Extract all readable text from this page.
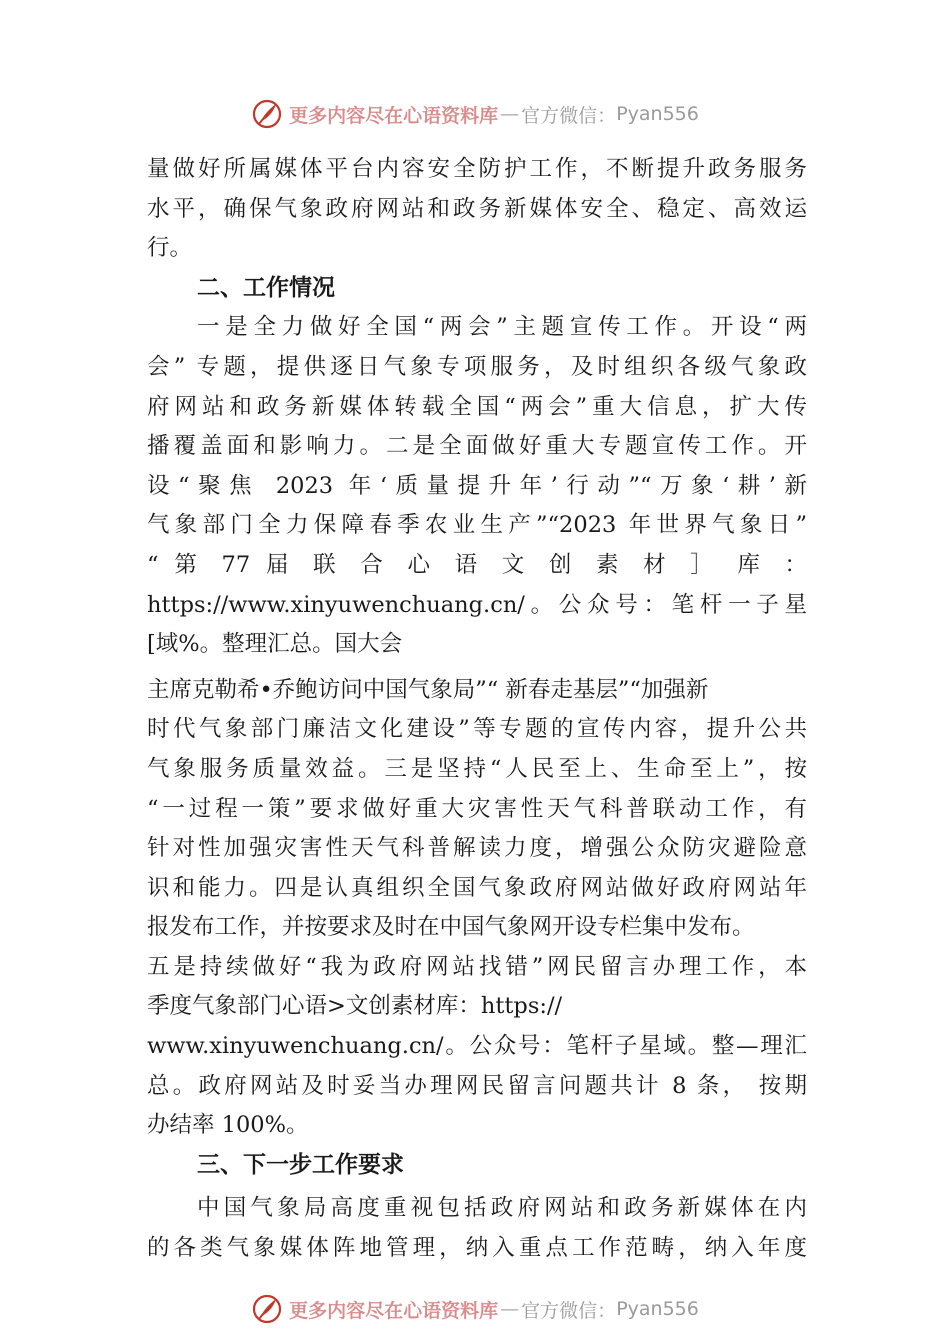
更多内容尽在心语资料库 — 官方微信： Pyan556
量做好所属媒体平台内容安全防护工作，不断提升政务服务
水平，确保气象政府网站和政务新媒体安全、稳定、高效运
行。
二、工作情况
一是全力做好全国“两会”主题宣传工作。开设“两
会” 专题，提供逐日气象专项服务，及时组织各级气象政
府网站和政务新媒体转载全国“两会”重大信息，扩大传
播覆盖面和影响力。二是全面做好重大专题宣传工作。开
设“聚焦 2023 年‘质量提升年’行动”“万象‘耕’新
气象部门全力保障春季农业生产”“2023 年世界气象日”
“ 第 77 届 联 合 心 语 文 创 素 材 ］ 库 ：
https://www.xinyuwenchuang.cn/。公众号：笔杆一子星
[域%。整理汇总。国大会
主席克勒希•乔鲍访问中国气象局”“ 新春走基层”“加强新
时代气象部门廉洁文化建设”等专题的宣传内容，提升公共
气象服务质量效益。三是坚持“人民至上、生命至上”，按
“一过程一策”要求做好重大灾害性天气科普联动工作，有
针对性加强灾害性天气科普解读力度，增强公众防灾避险意
识和能力。四是认真组织全国气象政府网站做好政府网站年
报发布工作，并按要求及时在中国气象网开设专栏集中发布。
五是持续做好“我为政府网站找错”网民留言办理工作，本
季度气象部门心语>文创素材库：https://
www.xinyuwenchuang.cn/。公众号：笔杆子星域。整—理汇
总。政府网站及时妥当办理网民留言问题共计 8 条， 按期
办结率 100%。
三、下一步工作要求
中国气象局高度重视包括政府网站和政务新媒体在内
的各类气象媒体阵地管理，纳入重点工作范畴，纳入年度
更多内容尽在心语资料库 — 官方微信： Pyan556
